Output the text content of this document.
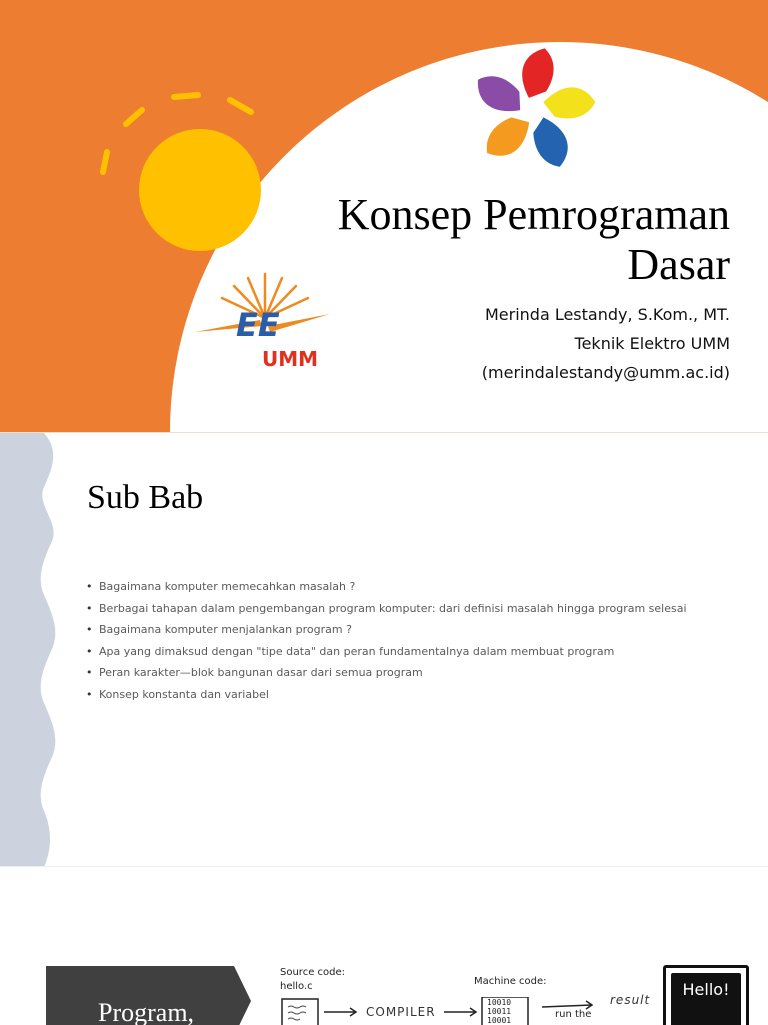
EE
UMM
Konsep Pemrograman
Dasar
Merinda Lestandy, S.Kom., MT.
Teknik Elektro UMM
(merindalestandy@umm.ac.id)
Sub Bab
• Bagaimana komputer memecahkan masalah ?
• Berbagai tahapan dalam pengembangan program komputer: dari definisi masalah hingga program selesai
• Bagaimana komputer menjalankan program ?
• Apa yang dimaksud dengan "tipe data" dan peran fundamentalnya dalam membuat program
• Peran karakter—blok bangunan dasar dari semua program
• Konsep konstanta dan variabel
Program,
Source code:
hello.c
COMPILER
Machine code:
10010
10011
10001
run the
result
Hello!
